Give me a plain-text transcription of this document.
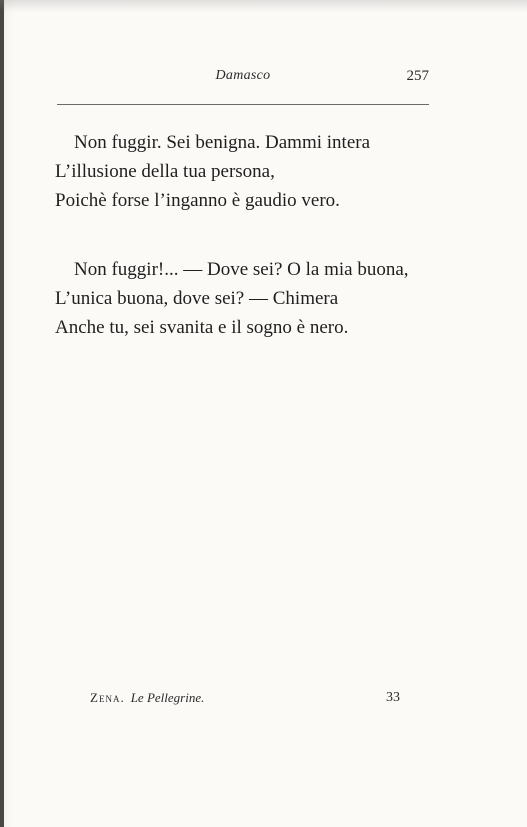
Damasco	257
Non fuggir. Sei benigna. Dammi intera
L’illusione della tua persona,
Poichè forse l’inganno è gaudio vero.
Non fuggir!... — Dove sei? O la mia buona,
L’unica buona, dove sei? — Chimera
Anche tu, sei svanita e il sogno è nero.
Zena. Le Pellegrine.	33
